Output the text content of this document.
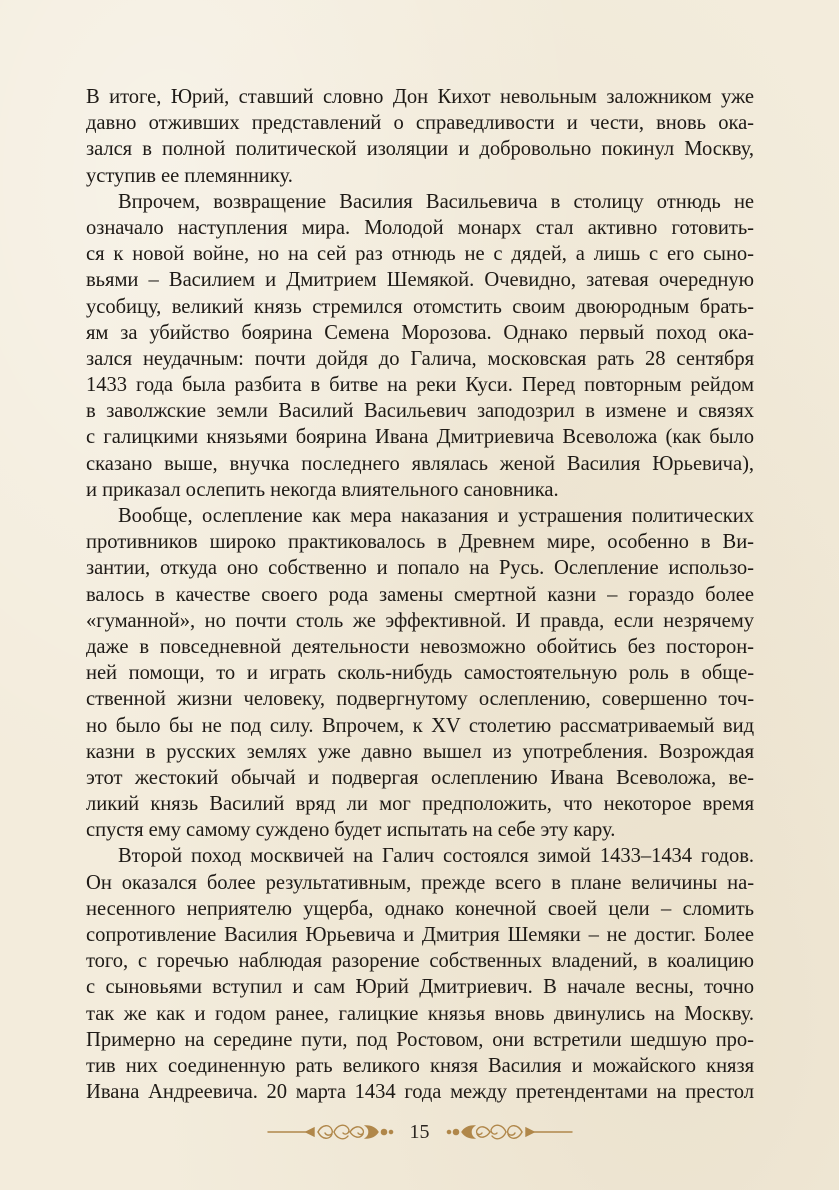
В итоге, Юрий, ставший словно Дон Кихот невольным заложником уже
давно отживших представлений о справедливости и чести, вновь ока-
зался в полной политической изоляции и добровольно покинул Москву,
уступив ее племяннику.
Впрочем, возвращение Василия Васильевича в столицу отнюдь не
означало наступления мира. Молодой монарх стал активно готовить-
ся к новой войне, но на сей раз отнюдь не с дядей, а лишь с его сыно-
вьями – Василием и Дмитрием Шемякой. Очевидно, затевая очередную
усобицу, великий князь стремился отомстить своим двоюродным брать-
ям за убийство боярина Семена Морозова. Однако первый поход ока-
зался неудачным: почти дойдя до Галича, московская рать 28 сентября
1433 года была разбита в битве на реки Куси. Перед повторным рейдом
в заволжские земли Василий Васильевич заподозрил в измене и связях
с галицкими князьями боярина Ивана Дмитриевича Всеволожа (как было
сказано выше, внучка последнего являлась женой Василия Юрьевича),
и приказал ослепить некогда влиятельного сановника.
Вообще, ослепление как мера наказания и устрашения политических
противников широко практиковалось в Древнем мире, особенно в Ви-
зантии, откуда оно собственно и попало на Русь. Ослепление использо-
валось в качестве своего рода замены смертной казни – гораздо более
«гуманной», но почти столь же эффективной. И правда, если незрячему
даже в повседневной деятельности невозможно обойтись без посторон-
ней помощи, то и играть сколь-нибудь самостоятельную роль в обще-
ственной жизни человеку, подвергнутому ослеплению, совершенно точ-
но было бы не под силу. Впрочем, к XV столетию рассматриваемый вид
казни в русских землях уже давно вышел из употребления. Возрождая
этот жестокий обычай и подвергая ослеплению Ивана Всеволожа, ве-
ликий князь Василий вряд ли мог предположить, что некоторое время
спустя ему самому суждено будет испытать на себе эту кару.
Второй поход москвичей на Галич состоялся зимой 1433–1434 годов.
Он оказался более результативным, прежде всего в плане величины на-
несенного неприятелю ущерба, однако конечной своей цели – сломить
сопротивление Василия Юрьевича и Дмитрия Шемяки – не достиг. Более
того, с горечью наблюдая разорение собственных владений, в коалицию
с сыновьями вступил и сам Юрий Дмитриевич. В начале весны, точно
так же как и годом ранее, галицкие князья вновь двинулись на Москву.
Примерно на середине пути, под Ростовом, они встретили шедшую про-
тив них соединенную рать великого князя Василия и можайского князя
Ивана Андреевича. 20 марта 1434 года между претендентами на престол
15
